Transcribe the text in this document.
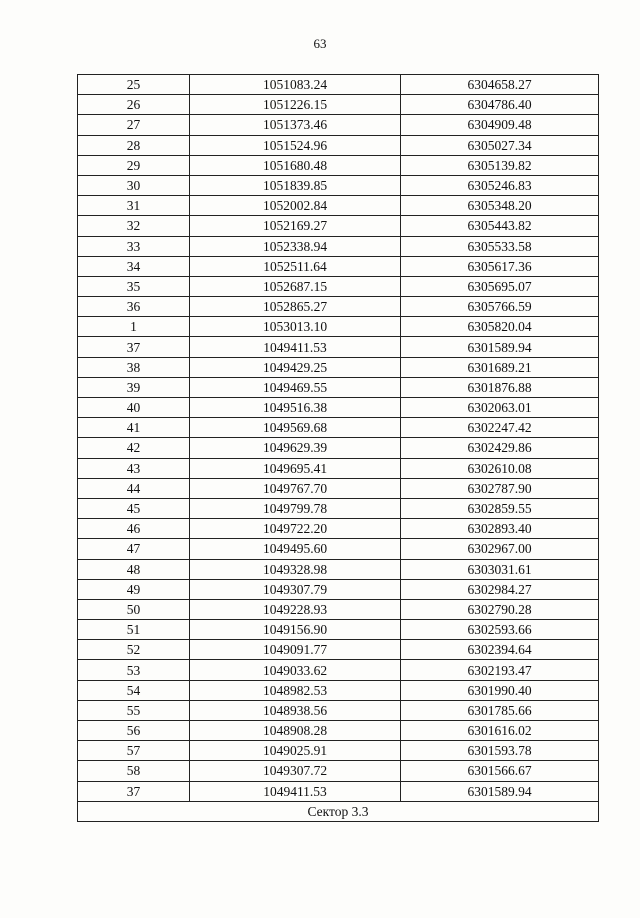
63
25	1051083.24	6304658.27
26	1051226.15	6304786.40
27	1051373.46	6304909.48
28	1051524.96	6305027.34
29	1051680.48	6305139.82
30	1051839.85	6305246.83
31	1052002.84	6305348.20
32	1052169.27	6305443.82
33	1052338.94	6305533.58
34	1052511.64	6305617.36
35	1052687.15	6305695.07
36	1052865.27	6305766.59
1	1053013.10	6305820.04
37	1049411.53	6301589.94
38	1049429.25	6301689.21
39	1049469.55	6301876.88
40	1049516.38	6302063.01
41	1049569.68	6302247.42
42	1049629.39	6302429.86
43	1049695.41	6302610.08
44	1049767.70	6302787.90
45	1049799.78	6302859.55
46	1049722.20	6302893.40
47	1049495.60	6302967.00
48	1049328.98	6303031.61
49	1049307.79	6302984.27
50	1049228.93	6302790.28
51	1049156.90	6302593.66
52	1049091.77	6302394.64
53	1049033.62	6302193.47
54	1048982.53	6301990.40
55	1048938.56	6301785.66
56	1048908.28	6301616.02
57	1049025.91	6301593.78
58	1049307.72	6301566.67
37	1049411.53	6301589.94
Сектор 3.3		
